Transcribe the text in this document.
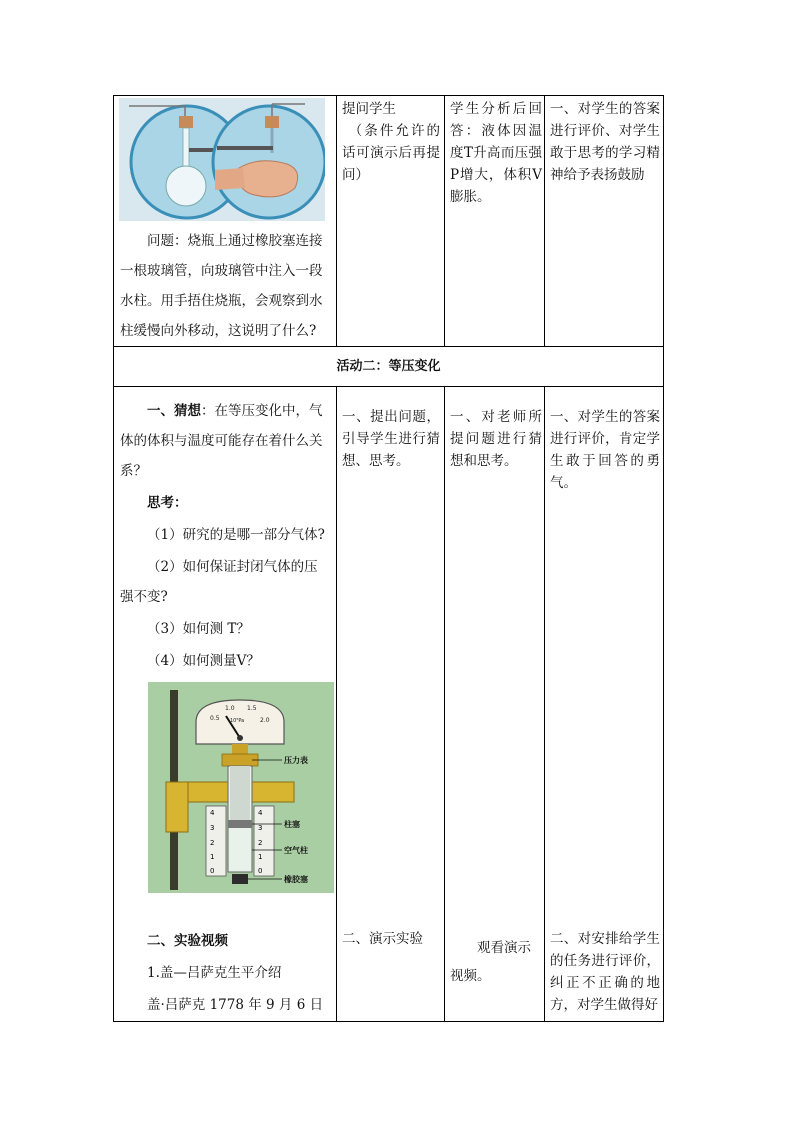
问题：烧瓶上通过橡胶塞连接一根玻璃管，向玻璃管中注入一段水柱。用手捂住烧瓶，会观察到水柱缓慢向外移动，这说明了什么?

提问学生

（条件允许的话可演示后再提问）

学生分析后回答：液体因温度T升高而压强P增大，体积V膨胀。
一、对学生的答案进行评价、对学生敢于思考的学习精神给予表扬鼓励
活动二：等压变化

一、猜想：在等压变化中，气体的体积与温度可能存在着什么关系？

思考：

（1）研究的是哪一部分气体?

（2）如何保证封闭气体的压强不变?

（3）如何测 T？

（4）如何测量V？

0.5
1.0 1.5
2.0
10⁵Pa
4
3
2
1
0
4
3
2
1
0
压力表
柱塞
空气柱
橡胶塞
一、提出问题，引导学生进行猜想、思考。
一、对老师所提问题进行猜想和思考。
一、对学生的答案进行评价，肯定学生敢于回答的勇气。

二、实验视频

1.盖—吕萨克生平介绍

盖·吕萨克 1778 年 9 月 6 日

二、演示实验
观看演示视频。
二、对安排给学生的任务进行评价，纠正不正确的地方，对学生做得好
